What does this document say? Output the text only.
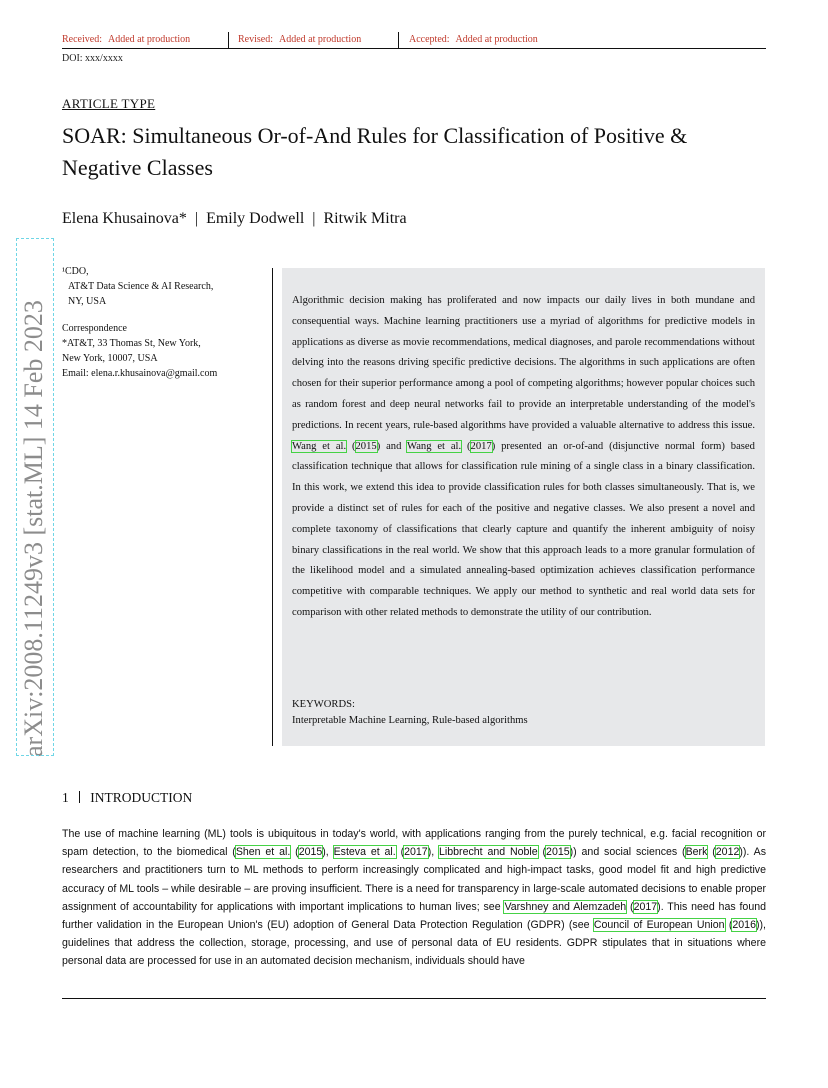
Received: Added at production	Revised: Added at production	Accepted: Added at production
DOI: xxx/xxxx
ARTICLE TYPE
SOAR: Simultaneous Or-of-And Rules for Classification of Positive & Negative Classes
Elena Khusainova* | Emily Dodwell | Ritwik Mitra
arXiv:2008.11249v3 [stat.ML] 14 Feb 2023
¹CDO,
AT&T Data Science & AI Research,
NY, USA
Correspondence
*AT&T, 33 Thomas St, New York,
New York, 10007, USA
Email: elena.r.khusainova@gmail.com
Algorithmic decision making has proliferated and now impacts our daily lives in both mundane and consequential ways. Machine learning practitioners use a myriad of algorithms for predictive models in applications as diverse as movie recommendations, medical diagnoses, and parole recommendations without delving into the reasons driving specific predictive decisions. The algorithms in such applications are often chosen for their superior performance among a pool of competing algorithms; however popular choices such as random forest and deep neural networks fail to provide an interpretable understanding of the model's predictions. In recent years, rule-based algorithms have provided a valuable alternative to address this issue. Wang et al. (2015) and Wang et al. (2017) presented an or-of-and (disjunctive normal form) based classification technique that allows for classification rule mining of a single class in a binary classification. In this work, we extend this idea to provide classification rules for both classes simultaneously. That is, we provide a distinct set of rules for each of the positive and negative classes. We also present a novel and complete taxonomy of classifications that clearly capture and quantify the inherent ambiguity of noisy binary classifications in the real world. We show that this approach leads to a more granular formulation of the likelihood model and a simulated annealing-based optimization achieves classification performance competitive with comparable techniques. We apply our method to synthetic and real world data sets for comparison with other related methods to demonstrate the utility of our contribution.
KEYWORDS:
Interpretable Machine Learning, Rule-based algorithms
1 INTRODUCTION
The use of machine learning (ML) tools is ubiquitous in today's world, with applications ranging from the purely technical, e.g. facial recognition or spam detection, to the biomedical (Shen et al. (2015), Esteva et al. (2017), Libbrecht and Noble (2015)) and social sciences (Berk (2012)). As researchers and practitioners turn to ML methods to perform increasingly complicated and high-impact tasks, good model fit and high predictive accuracy of ML tools – while desirable – are proving insufficient. There is a need for transparency in large-scale automated decisions to enable proper assignment of accountability for applications with important implications to human lives; see Varshney and Alemzadeh (2017). This need has found further validation in the European Union's (EU) adoption of General Data Protection Regulation (GDPR) (see Council of European Union (2016)), guidelines that address the collection, storage, processing, and use of personal data of EU residents. GDPR stipulates that in situations where personal data are processed for use in an automated decision mechanism, individuals should have
